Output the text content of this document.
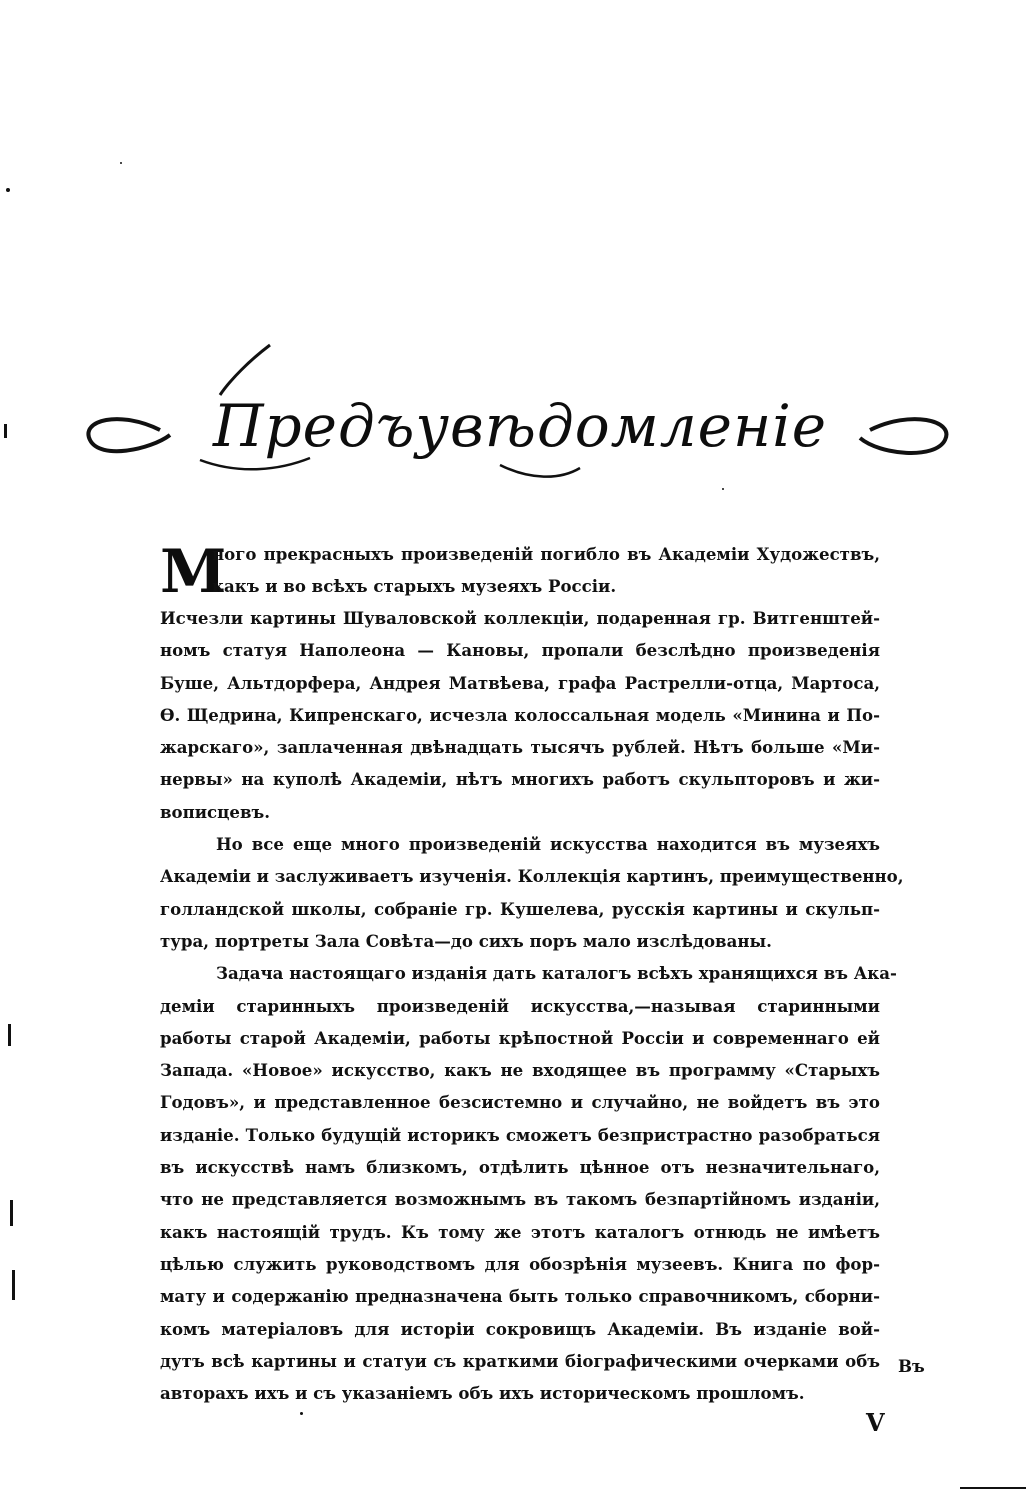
Предъувѣдомленiе
М
ного прекрасныхъ произведенiй погибло въ Академiи Художествъ,
какъ и во всѣхъ старыхъ музеяхъ Россiи.
Исчезли картины Шуваловской коллекцiи, подаренная гр. Витгенштей-
номъ статуя Наполеона — Кановы, пропали безслѣдно произведенiя
Буше, Альтдорфера, Андрея Матвѣева, графа Растрелли-отца, Мартоса,
Ѳ. Щедрина, Кипренскаго, исчезла колоссальная модель «Минина и По-
жарскаго», заплаченная двѣнадцать тысячъ рублей. Нѣтъ больше «Ми-
нервы» на куполѣ Академiи, нѣтъ многихъ работъ скульпторовъ и жи-
вописцевъ.
Но все еще много произведенiй искусства находится въ музеяхъ
Академiи и заслуживаетъ изученiя. Коллекцiя картинъ, преимущественно,
голландской школы, собранiе гр. Кушелева, русскiя картины и скульп-
тура, портреты Зала Совѣта—до сихъ поръ мало изслѣдованы.
Задача настоящаго изданiя дать каталогъ всѣхъ хранящихся въ Ака-
демiи старинныхъ произведенiй искусства,—называя старинными
работы старой Академiи, работы крѣпостной Россiи и современнаго ей
Запада. «Новое» искусство, какъ не входящее въ программу «Старыхъ
Годовъ», и представленное безсистемно и случайно, не войдетъ въ это
изданiе. Только будущiй историкъ сможетъ безпристрастно разобраться
въ искусствѣ намъ близкомъ, отдѣлить цѣнное отъ незначительнаго,
что не представляется возможнымъ въ такомъ безпартiйномъ изданiи,
какъ настоящiй трудъ. Къ тому же этотъ каталогъ отнюдь не имѣетъ
цѣлью служить руководствомъ для обозрѣнiя музеевъ. Книга по фор-
мату и содержанiю предназначена быть только справочникомъ, сборни-
комъ матерiаловъ для исторiи сокровищъ Академiи. Въ изданiе вой-
дутъ всѣ картины и статуи съ краткими бiографическими очерками объ
авторахъ ихъ и съ указанiемъ объ ихъ историческомъ прошломъ.
Въ
V
